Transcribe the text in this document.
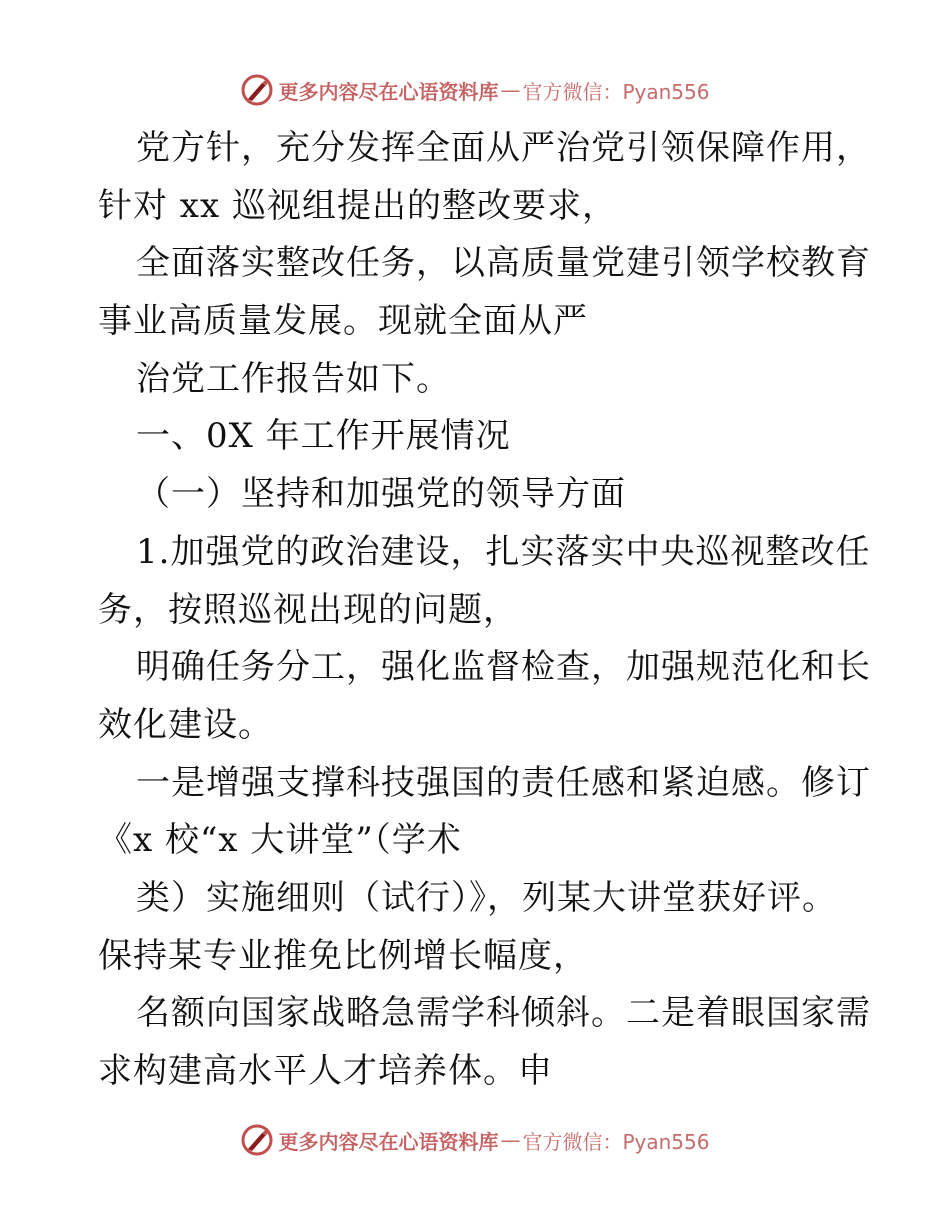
更多内容尽在心语资料库 — 官方微信：Pyan556
党方针，充分发挥全面从严治党引领保障作用，
针对 xx 巡视组提出的整改要求，
全面落实整改任务，以高质量党建引领学校教育
事业高质量发展。现就全面从严
治党工作报告如下。
一、0X 年工作开展情况
（一）坚持和加强党的领导方面
1.加强党的政治建设，扎实落实中央巡视整改任
务，按照巡视出现的问题，
明确任务分工，强化监督检查，加强规范化和长
效化建设。
一是增强支撑科技强国的责任感和紧迫感。修订
《x 校“x 大讲堂”（学术
类）实施细则（试行）》，列某大讲堂获好评。
保持某专业推免比例增长幅度，
名额向国家战略急需学科倾斜。二是着眼国家需
求构建高水平人才培养体。申
更多内容尽在心语资料库 — 官方微信：Pyan556
